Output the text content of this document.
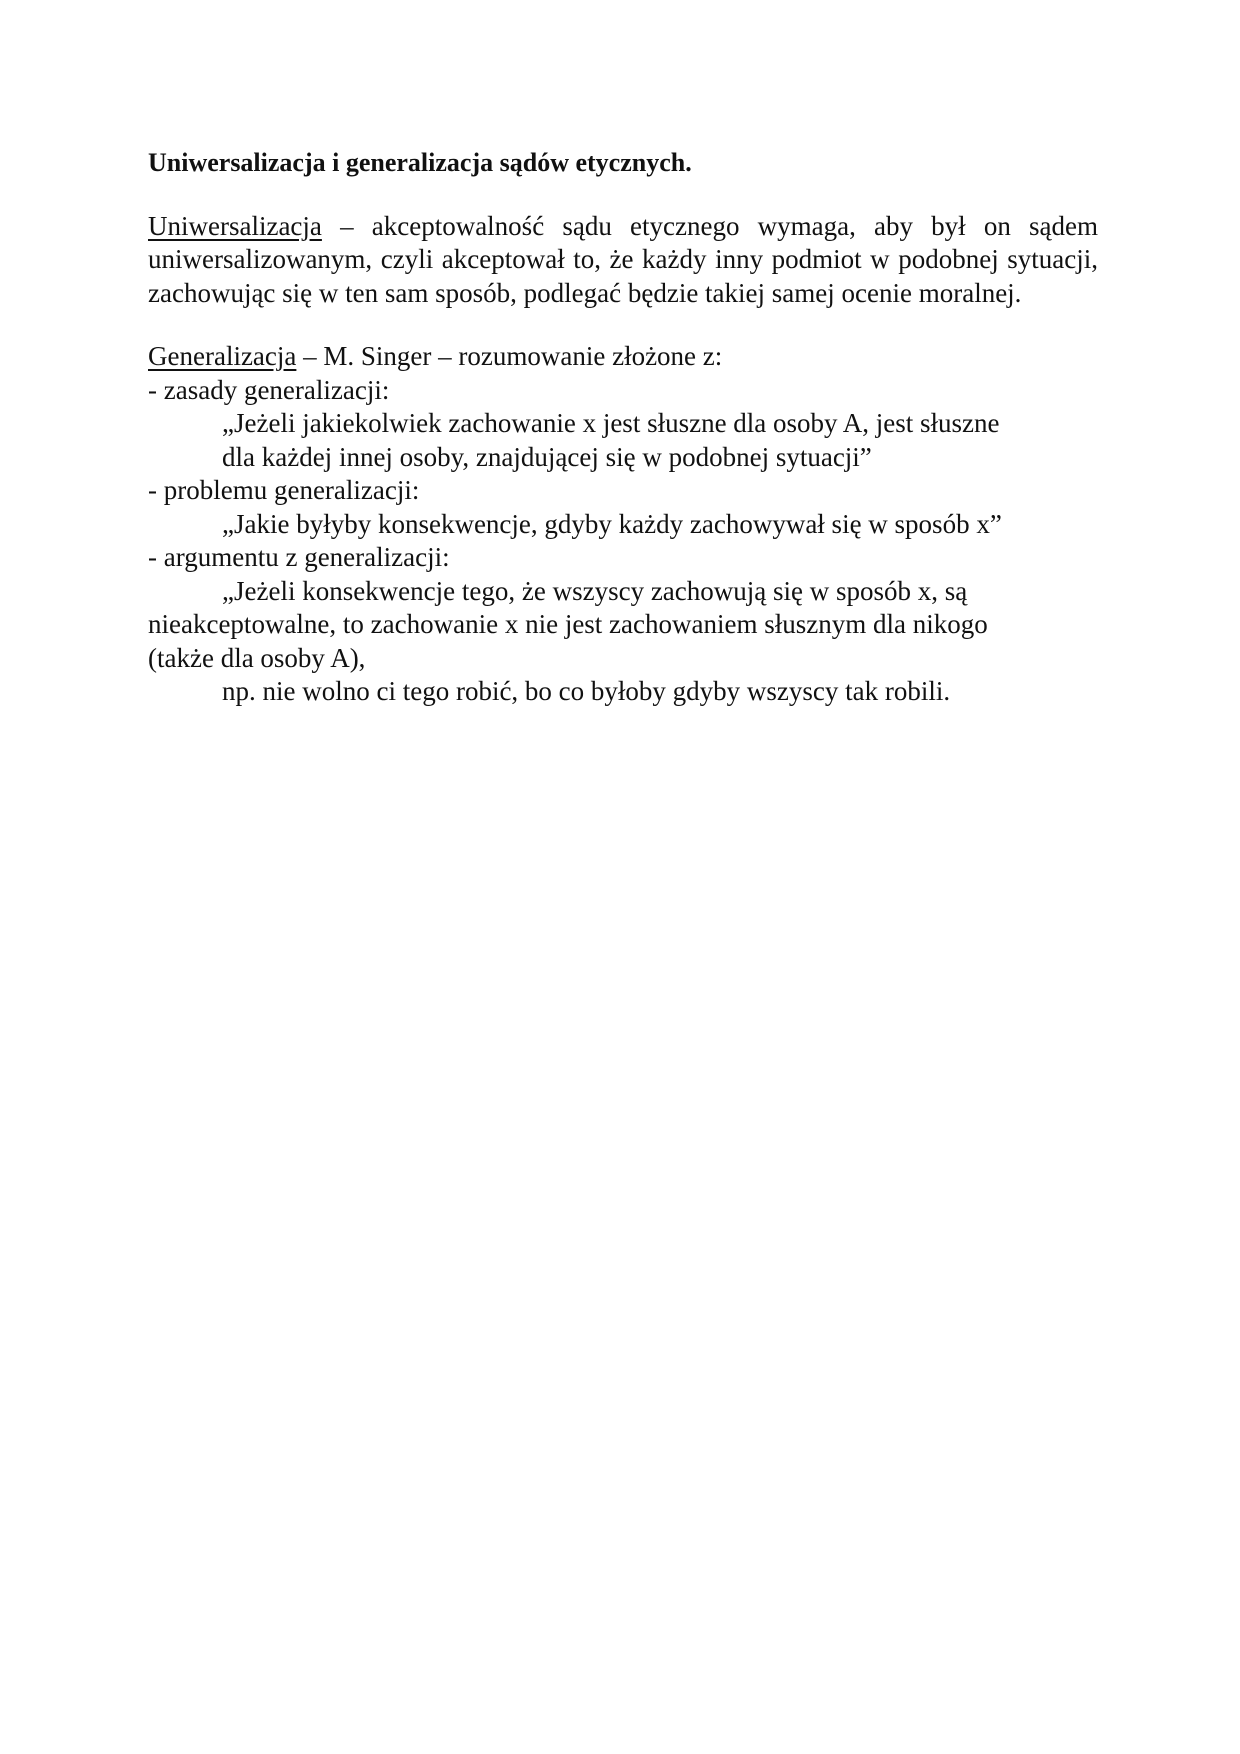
Uniwersalizacja i generalizacja sądów etycznych.
Uniwersalizacja – akceptowalność sądu etycznego wymaga, aby był on sądem uniwersalizowanym, czyli akceptował to, że każdy inny podmiot w podobnej sytuacji, zachowując się w ten sam sposób, podlegać będzie takiej samej ocenie moralnej.
Generalizacja – M. Singer – rozumowanie złożone z:
- zasady generalizacji:
„Jeżeli jakiekolwiek zachowanie x jest słuszne dla osoby A, jest słuszne
dla każdej innej osoby, znajdującej się w podobnej sytuacji”
- problemu generalizacji:
„Jakie byłyby konsekwencje, gdyby każdy zachowywał się w sposób x”
- argumentu z generalizacji:
„Jeżeli konsekwencje tego, że wszyscy zachowują się w sposób x, są
nieakceptowalne, to zachowanie x nie jest zachowaniem słusznym dla nikogo
(także dla osoby A),
np. nie wolno ci tego robić, bo co byłoby gdyby wszyscy tak robili.
